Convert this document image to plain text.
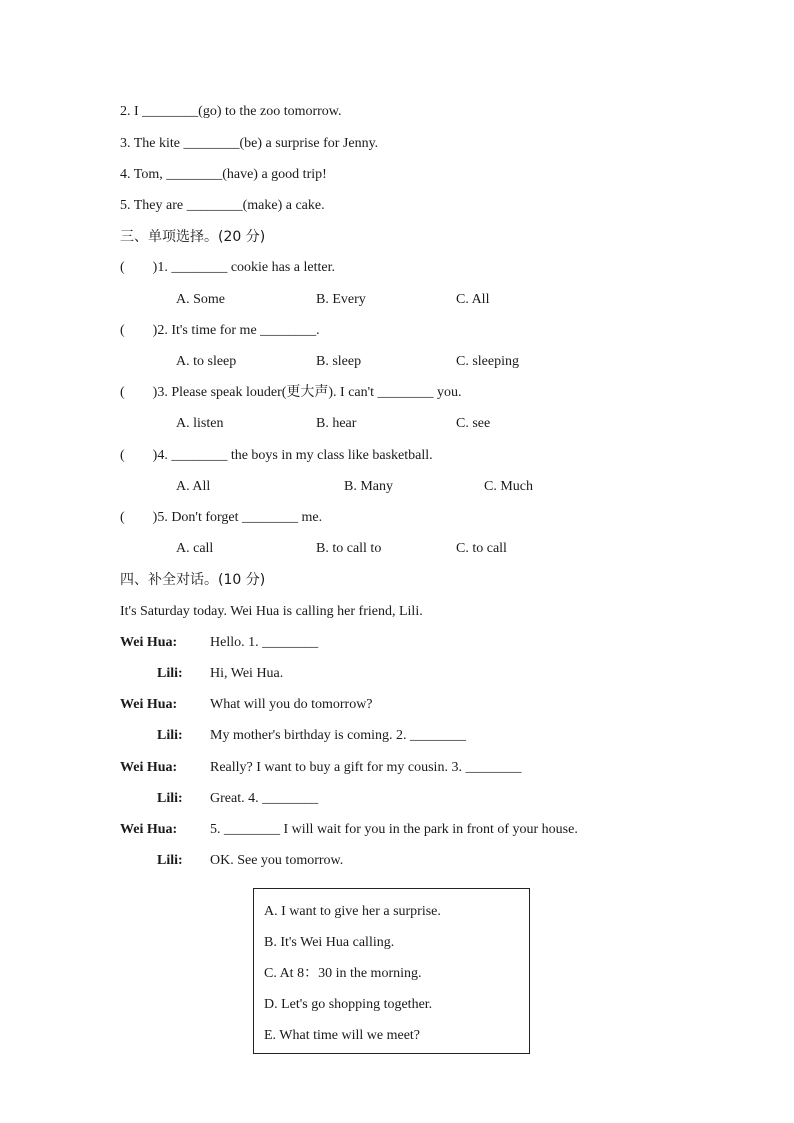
2. I ________(go) to the zoo tomorrow.
3. The kite ________(be) a surprise for Jenny.
4. Tom, ________(have) a good trip!
5. They are ________(make) a cake.
三、单项选择。(20 分)
(        )1. ________ cookie has a letter.
A. Some	B. Every	C. All
(        )2. It's time for me ________.
A. to sleep	B. sleep	C. sleeping
(        )3. Please speak louder(更大声). I can't ________ you.
A. listen	B. hear	C. see
(        )4. ________ the boys in my class like basketball.
A. All	B. Many	C. Much
(        )5. Don't forget ________ me.
A. call	B. to call to	C. to call
四、补全对话。(10 分)
It's Saturday today. Wei Hua is calling her friend, Lili.
Wei Hua: Hello. 1. ________
Lili: Hi, Wei Hua.
Wei Hua: What will you do tomorrow?
Lili: My mother's birthday is coming. 2. ________
Wei Hua: Really? I want to buy a gift for my cousin. 3. ________
Lili: Great. 4. ________
Wei Hua: 5. ________ I will wait for you in the park in front of your house.
Lili: OK. See you tomorrow.
A. I want to give her a surprise.
B. It's Wei Hua calling.
C. At 8：30 in the morning.
D. Let's go shopping together.
E. What time will we meet?
